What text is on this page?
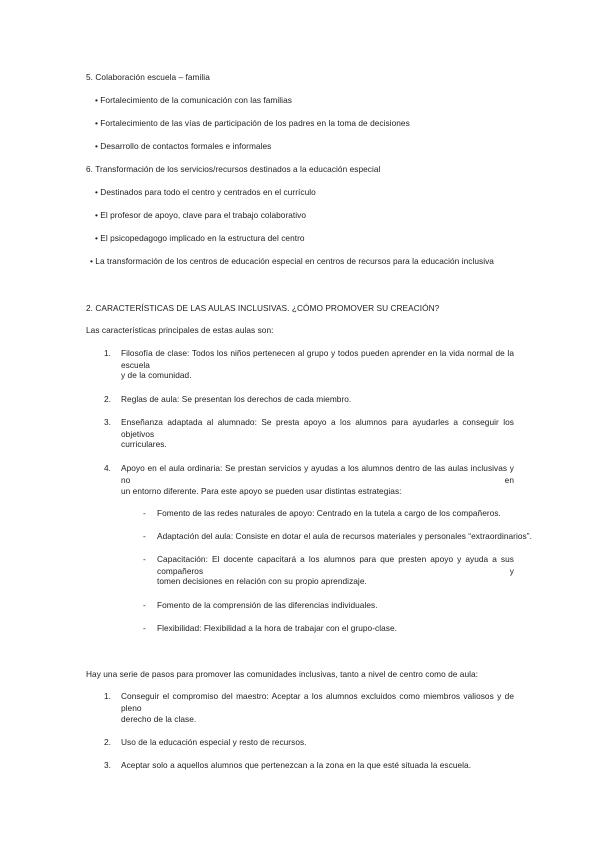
5. Colaboración escuela – familia
• Fortalecimiento de la comunicación con las familias
• Fortalecimiento de las vías de participación de los padres en la toma de decisiones
• Desarrollo de contactos formales e informales
6. Transformación de los servicios/recursos destinados a la educación especial
• Destinados para todo el centro y centrados en el currículo
• El profesor de apoyo, clave para el trabajo colaborativo
• El psicopedagogo implicado en la estructura del centro
• La transformación de los centros de educación especial en centros de recursos para la educación inclusiva
2. CARACTERÍSTICAS DE LAS AULAS INCLUSIVAS. ¿CÓMO PROMOVER SU CREACIÓN?
Las características principales de estas aulas son:
1. Filosofía de clase: Todos los niños pertenecen al grupo y todos pueden aprender en la vida normal de la escuela
y de la comunidad.
2. Reglas de aula: Se presentan los derechos de cada miembro.
3. Enseñanza adaptada al alumnado: Se presta apoyo a los alumnos para ayudarles a conseguir los objetivos
curriculares.
4. Apoyo en el aula ordinaria: Se prestan servicios y ayudas a los alumnos dentro de las aulas inclusivas y no en
un entorno diferente. Para este apoyo se pueden usar distintas estrategias:
- Fomento de las redes naturales de apoyo: Centrado en la tutela a cargo de los compañeros.
- Adaptación del aula: Consiste en dotar el aula de recursos materiales y personales “extraordinarios”.
- Capacitación: El docente capacitará a los alumnos para que presten apoyo y ayuda a sus compañeros y
tomen decisiones en relación con su propio aprendizaje.
- Fomento de la comprensión de las diferencias individuales.
- Flexibilidad: Flexibilidad a la hora de trabajar con el grupo-clase.
Hay una serie de pasos para promover las comunidades inclusivas, tanto a nivel de centro como de aula:
1. Conseguir el compromiso del maestro: Aceptar a los alumnos excluidos como miembros valiosos y de pleno
derecho de la clase.
2. Uso de la educación especial y resto de recursos.
3. Aceptar solo a aquellos alumnos que pertenezcan a la zona en la que esté situada la escuela.
